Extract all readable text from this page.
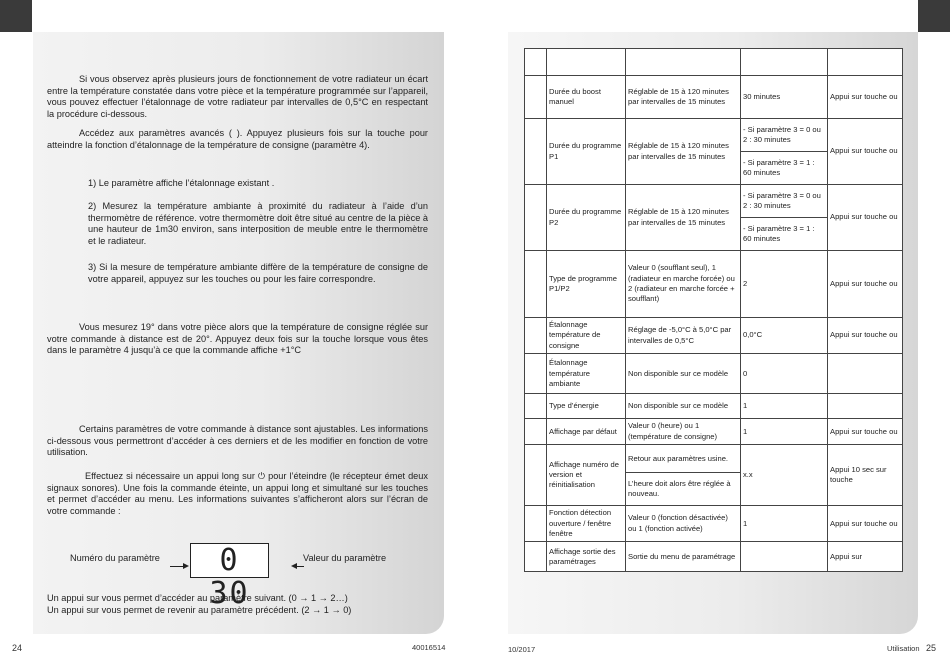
Si vous observez après plusieurs jours de fonctionnement de votre radiateur un écart entre la température constatée dans votre pièce et la température programmée sur l’appareil, vous pouvez effectuer l’étalonnage de votre radiateur par intervalles de 0,5°C en respectant la procédure ci-dessous.
Accédez aux paramètres avancés ( ). Appuyez plusieurs fois sur la touche pour atteindre la fonction d’étalonnage de la température de consigne (paramètre 4).
1) Le paramètre affiche l’étalonnage existant .
2) Mesurez la température ambiante à proximité du radiateur à l’aide d’un thermomètre de référence. votre thermomètre doit être situé au centre de la pièce à une hauteur de 1m30 environ, sans interposition de meuble entre le thermomètre et le radiateur.
3) Si la mesure de température ambiante diffère de la température de consigne de votre appareil, appuyez sur les touches ou pour les faire correspondre.
Vous mesurez 19° dans votre pièce alors que la température de consigne réglée sur votre commande à distance est de 20°. Appuyez deux fois sur la touche lorsque vous êtes dans le paramètre 4 jusqu’à ce que la commande affiche +1°C
Certains paramètres de votre commande à distance sont ajustables. Les informations ci-dessous vous permettront d’accéder à ces derniers et de les modifier en fonction de votre utilisation.
Effectuez si nécessaire un appui long sur ⏻ pour l’éteindre (le récepteur émet deux signaux sonores). Une fois la commande éteinte, un appui long et simultané sur les touches et permet d’accéder au menu. Les informations suivantes s’afficheront alors sur l’écran de votre commande :
Numéro du paramètre	0 30
Valeur du paramètre
Un appui sur vous permet d’accéder au paramètre suivant. (0 → 1 → 2…)
Un appui sur vous permet de revenir au paramètre précédent. (2 → 1 → 0)
24	40016514

	Durée du boost manuel	Réglable de 15 à 120 minutes par intervalles de 15 minutes	30 minutes	Appui sur touche ou
	Durée du programme P1	Réglable de 15 à 120 minutes par intervalles de 15 minutes	- Si paramètre 3 = 0 ou 2 : 30 minutes	Appui sur touche ou
			- Si paramètre 3 = 1 : 60 minutes	
	Durée du programme P2	Réglable de 15 à 120 minutes par intervalles de 15 minutes	- Si paramètre 3 = 0 ou 2 : 30 minutes	Appui sur touche ou
			- Si paramètre 3 = 1 : 60 minutes	
	Type de programme P1/P2	Valeur 0 (soufflant seul), 1 (radiateur en marche forcée) ou 2 (radiateur en marche forcée + soufflant)	2	Appui sur touche ou
	Étalonnage température de consigne	Réglage de -5,0°C à 5,0°C par intervalles de 0,5°C	0,0°C	Appui sur touche ou
	Étalonnage température ambiante	Non disponible sur ce modèle	0	
	Type d’énergie	Non disponible sur ce modèle	1	
	Affichage par défaut	Valeur 0 (heure) ou 1 (température de consigne)	1	Appui sur touche ou
	Affichage numéro de version et réinitialisation	Retour aux paramètres usine.	x.x	Appui 10 sec sur touche
		L’heure doit alors être réglée à nouveau.		
	Fonction détection ouverture / fenêtre fenêtre	Valeur 0 (fonction désactivée) ou 1 (fonction activée)	1	Appui sur touche ou
	Affichage sortie des paramétrages	Sortie du menu de paramétrage		Appui sur
10/2017	Utilisation 25
